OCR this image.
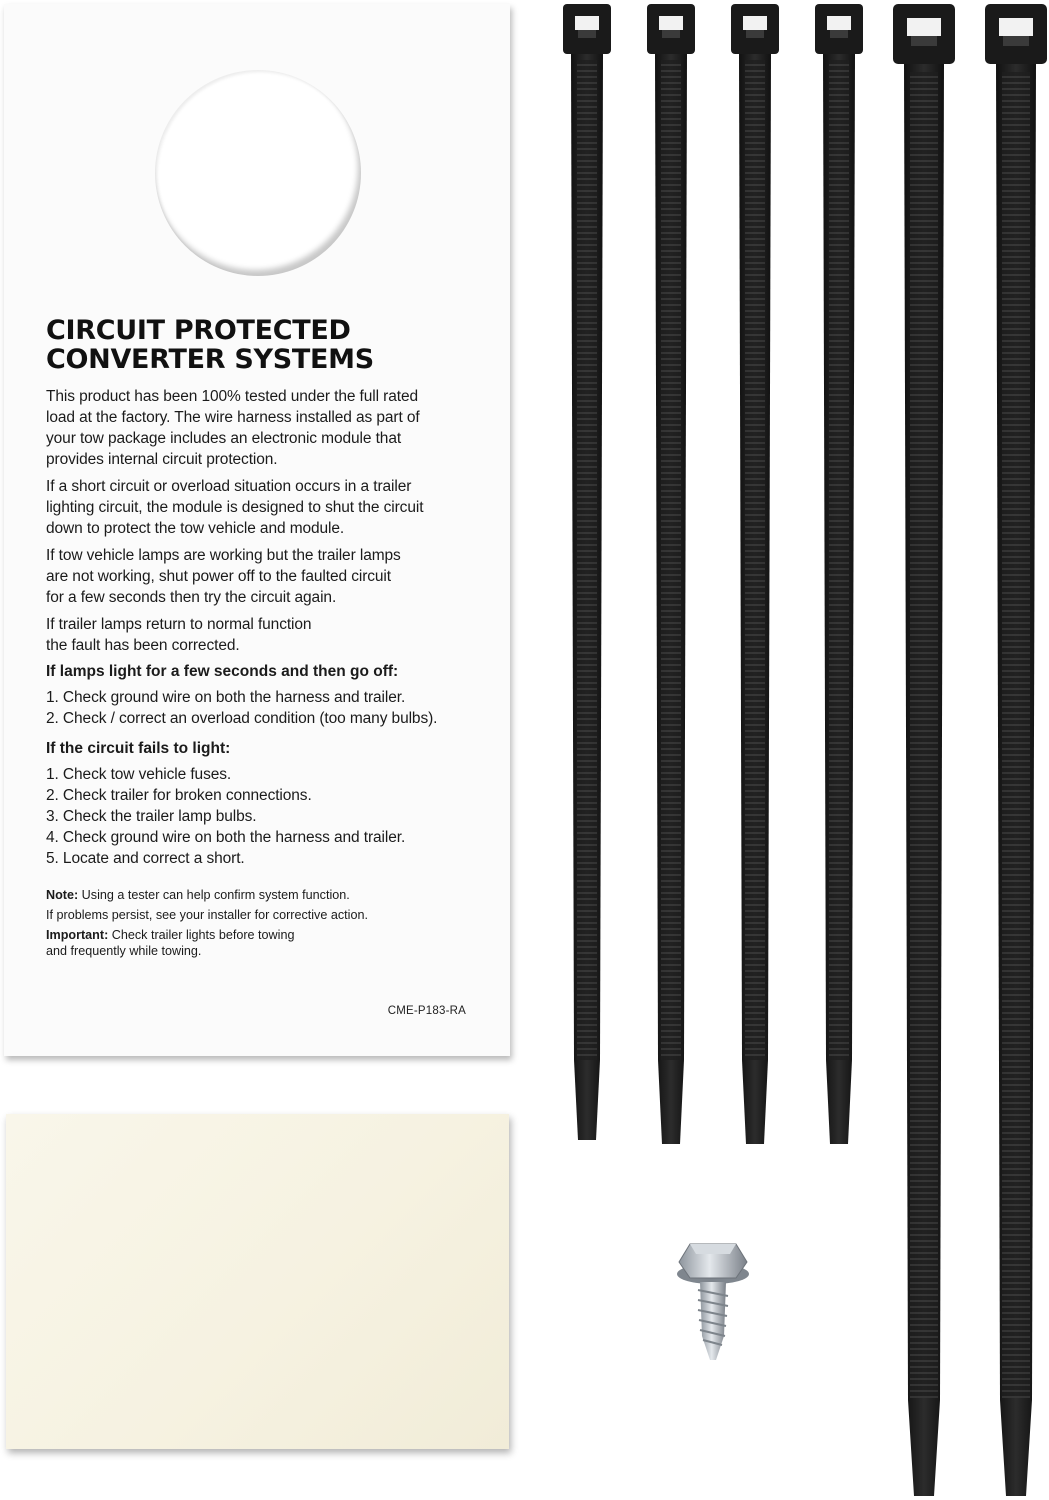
CIRCUIT PROTECTED
CONVERTER SYSTEMS

This product has been 100% tested under the full rated
load at the factory. The wire harness installed as part of
your tow package includes an electronic module that
provides internal circuit protection.

If a short circuit or overload situation occurs in a trailer
lighting circuit, the module is designed to shut the circuit
down to protect the tow vehicle and module.

If tow vehicle lamps are working but the trailer lamps
are not working, shut power off to the faulted circuit
for a few seconds then try the circuit again.

If trailer lamps return to normal function
the fault has been corrected.

If lamps light for a few seconds and then go off:
1. Check ground wire on both the harness and trailer.
2. Check / correct an overload condition (too many bulbs).
If the circuit fails to light:
1. Check tow vehicle fuses.
2. Check trailer for broken connections.
3. Check the trailer lamp bulbs.
4. Check ground wire on both the harness and trailer.
5. Locate and correct a short.

Note: Using a tester can help confirm system function.

If problems persist, see your installer for corrective action.

Important: Check trailer lights before towing
and frequently while towing.

CME-P183-RA
